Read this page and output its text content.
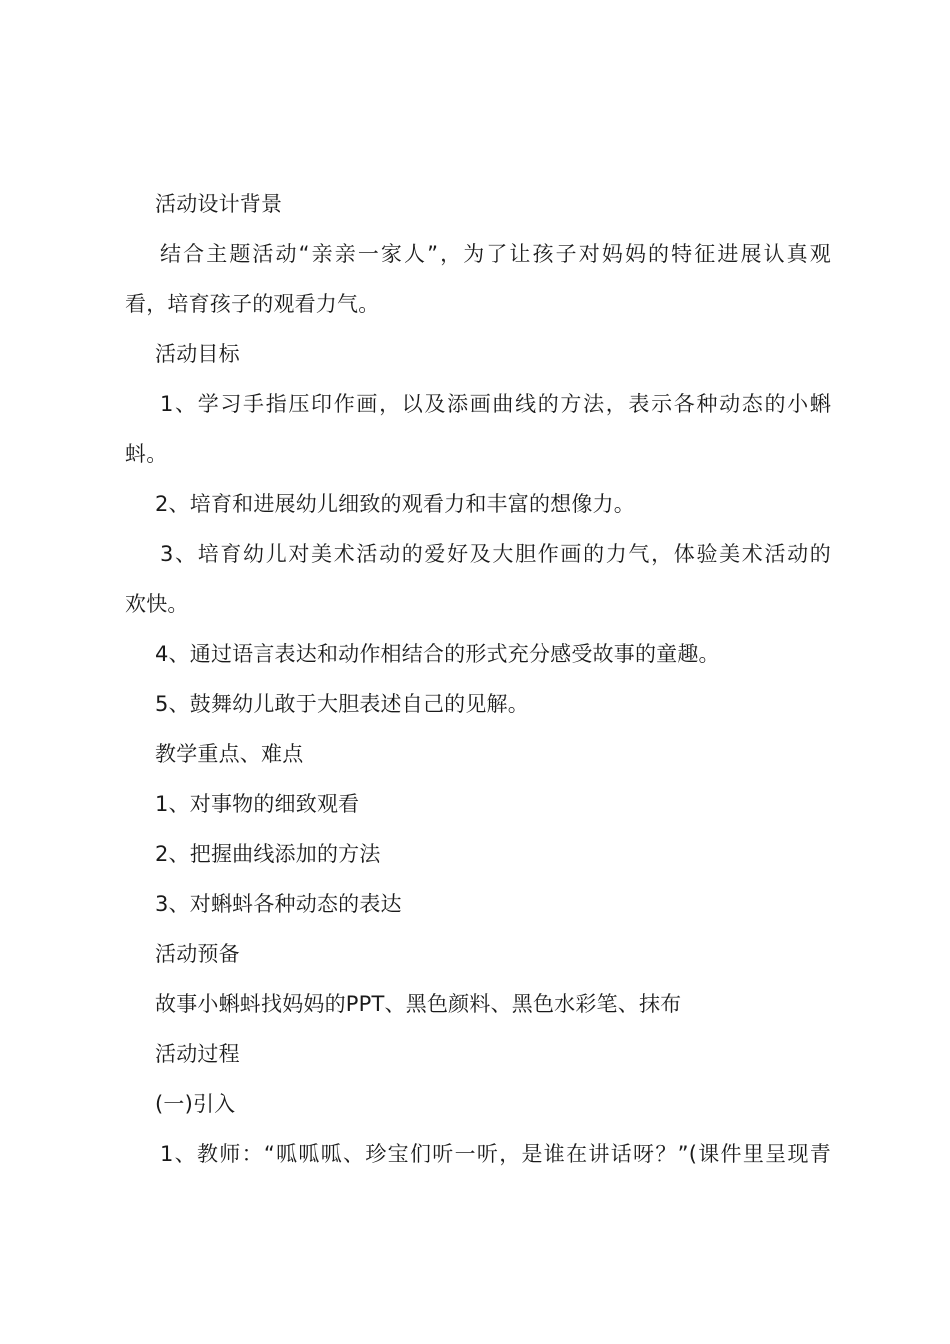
活动设计背景
结合主题活动“亲亲一家人”，为了让孩子对妈妈的特征进展认真观
看，培育孩子的观看力气。
活动目标
1、学习手指压印作画，以及添画曲线的方法，表示各种动态的小蝌
蚪。
2、培育和进展幼儿细致的观看力和丰富的想像力。
3、培育幼儿对美术活动的爱好及大胆作画的力气，体验美术活动的
欢快。
4、通过语言表达和动作相结合的形式充分感受故事的童趣。
5、鼓舞幼儿敢于大胆表述自己的见解。
教学重点、难点
1、对事物的细致观看
2、把握曲线添加的方法
3、对蝌蚪各种动态的表达
活动预备
故事小蝌蚪找妈妈的PPT、黑色颜料、黑色水彩笔、抹布
活动过程
(一)引入
1、教师：“呱呱呱、珍宝们听一听，是谁在讲话呀？”(课件里呈现青
